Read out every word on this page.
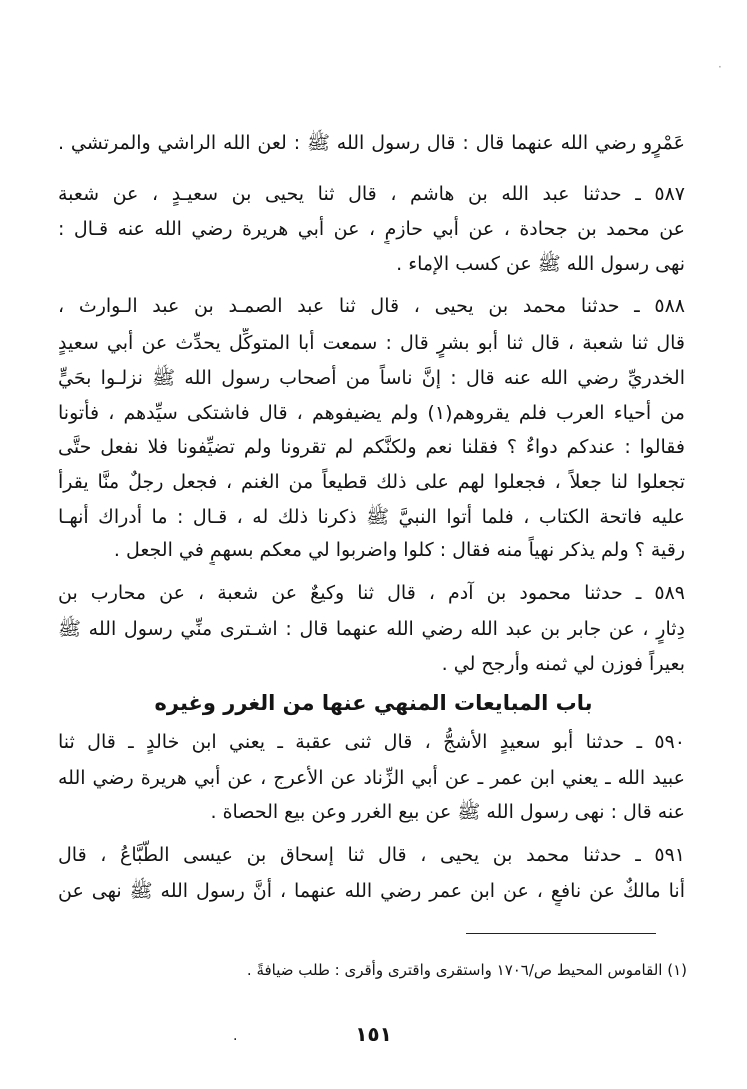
·
عَمْرٍو رضي الله عنهما قال : قال رسول الله ﷺ : لعن الله الراشي والمرتشي .
٥٨٧ ـ حدثنا عبد الله بن هاشم ، قال ثنا يحيى بن سعيـدٍ ، عن شعبة
عن محمد بن جحادة ، عن أبي حازمٍ ، عن أبي هريرة رضي الله عنه قـال :
نهى رسول الله ﷺ عن كسب الإماء .
٥٨٨ ـ حدثنا محمد بن يحيى ، قال ثنا عبد الصمـد بن عبد الـوارث ،
قال ثنا شعبة ، قال ثنا أبو بشرٍ قال : سمعت أبا المتوكِّل يحدِّث عن أبي سعيدٍ
الخدريِّ رضي الله عنه قال : إنَّ ناساً من أصحاب رسول الله ﷺ نزلـوا بحَيٍّ
من أحياء العرب فلم يقروهم(١) ولم يضيفوهم ، قال فاشتكى سيِّدهم ، فأتونا
فقالوا : عندكم دواءٌ ؟ فقلنا نعم ولكنَّكم لم تقرونا ولم تضيِّفونا فلا نفعل حتَّى
تجعلوا لنا جعلاً ، فجعلوا لهم على ذلك قطيعاً من الغنم ، فجعل رجلٌ منَّا يقرأ
عليه فاتحة الكتاب ، فلما أتوا النبيَّ ﷺ ذكرنا ذلك له ، قـال : ما أدراك أنهـا
رقية ؟ ولم يذكر نهياً منه فقال : كلوا واضربوا لي معكم بسهمٍ في الجعل .
٥٨٩ ـ حدثنا محمود بن آدم ، قال ثنا وكيعٌ عن شعبة ، عن محارب بن
دِثارٍ ، عن جابر بن عبد الله رضي الله عنهما قال : اشـترى منِّي رسول الله ﷺ
بعيراً فوزن لي ثمنه وأرجح لي .
باب المبايعات المنهي عنها من الغرر وغيره
٥٩٠ ـ حدثنا أبو سعيدٍ الأشجُّ ، قال ثنى عقبة ـ يعني ابن خالدٍ ـ قال ثنا
عبيد الله ـ يعني ابن عمر ـ عن أبي الزِّناد عن الأعرج ، عن أبي هريرة رضي الله
عنه قال : نهى رسول الله ﷺ عن بيع الغرر وعن بيع الحصاة .
٥٩١ ـ حدثنا محمد بن يحيى ، قال ثنا إسحاق بن عيسى الطَّبَّاعُ ، قال
أنا مالكٌ عن نافعٍ ، عن ابن عمر رضي الله عنهما ، أنَّ رسول الله ﷺ نهى عن
(١) القاموس المحيط ص/١٧٠٦ واستقرى واقترى وأقرى : طلب ضيافةً .
.	١٥١
